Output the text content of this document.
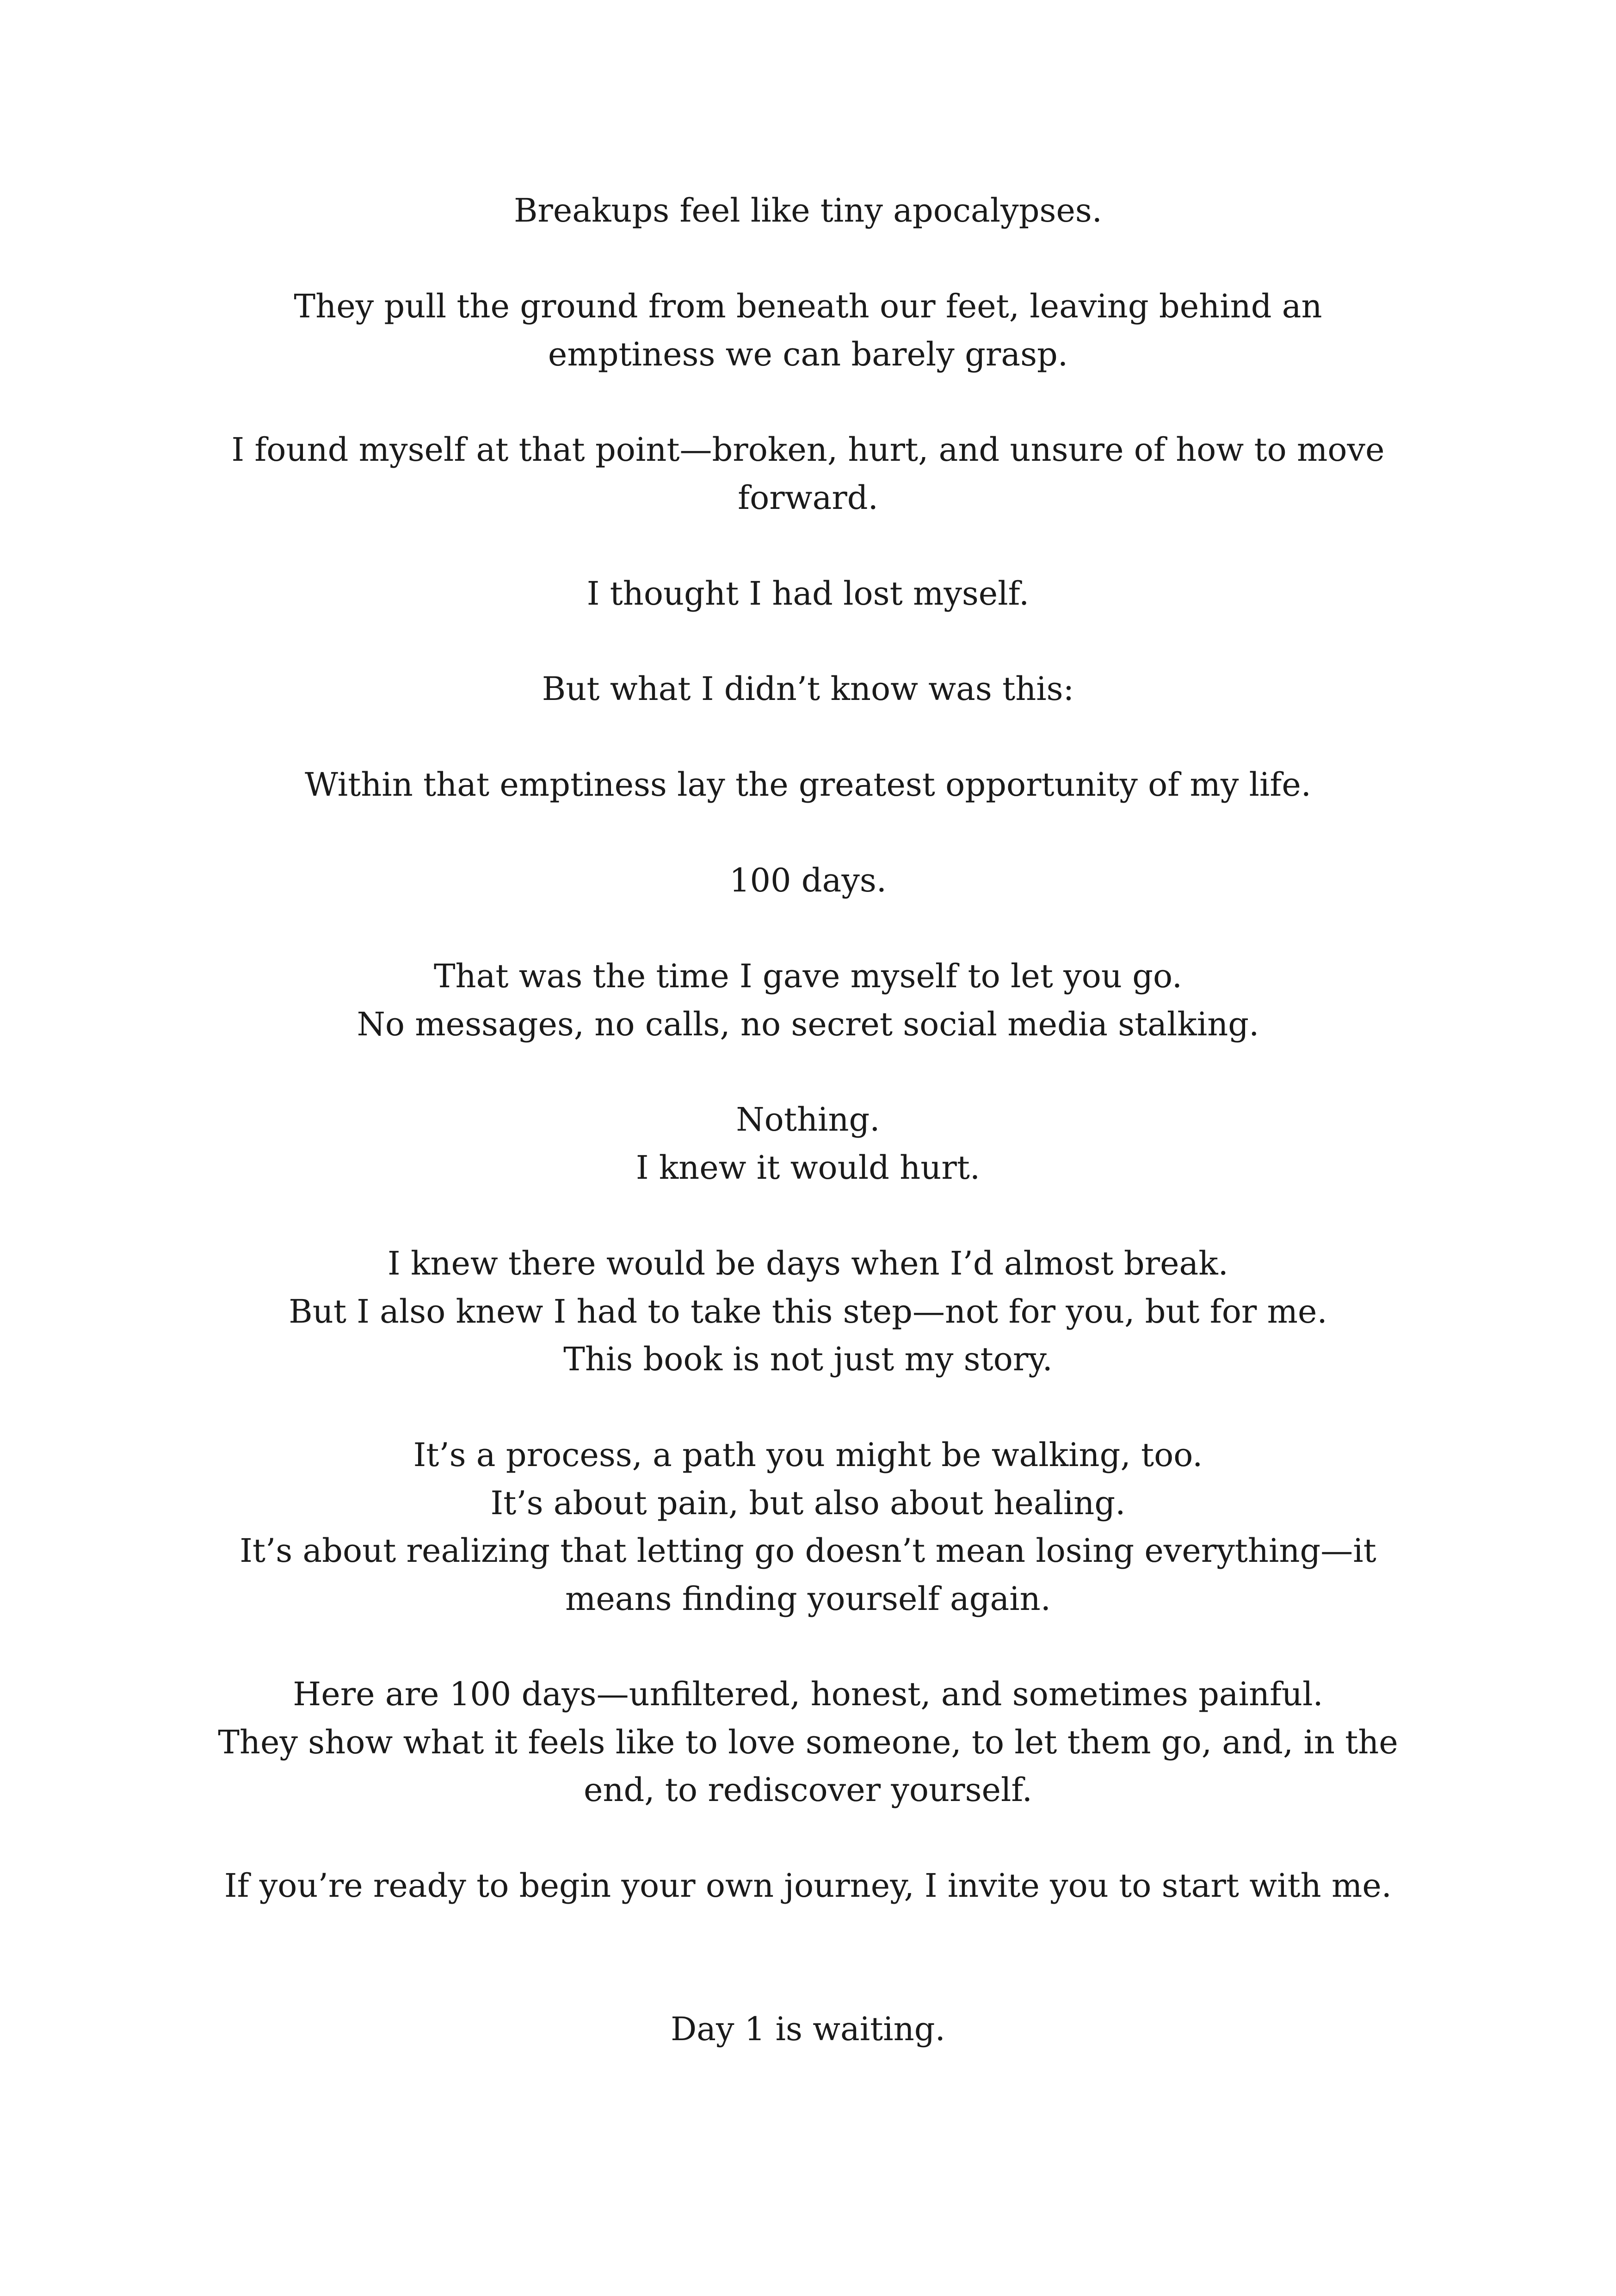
Breakups feel like tiny apocalypses.
They pull the ground from beneath our feet, leaving behind an
emptiness we can barely grasp.
I found myself at that point—broken, hurt, and unsure of how to move
forward.
I thought I had lost myself.
But what I didn’t know was this:
Within that emptiness lay the greatest opportunity of my life.
100 days.
That was the time I gave myself to let you go.
No messages, no calls, no secret social media stalking.
Nothing.
I knew it would hurt.
I knew there would be days when I’d almost break.
But I also knew I had to take this step—not for you, but for me.
This book is not just my story.
It’s a process, a path you might be walking, too.
It’s about pain, but also about healing.
It’s about realizing that letting go doesn’t mean losing everything—it
means finding yourself again.
Here are 100 days—unfiltered, honest, and sometimes painful.
They show what it feels like to love someone, to let them go, and, in the
end, to rediscover yourself.
If you’re ready to begin your own journey, I invite you to start with me.
Day 1 is waiting.
